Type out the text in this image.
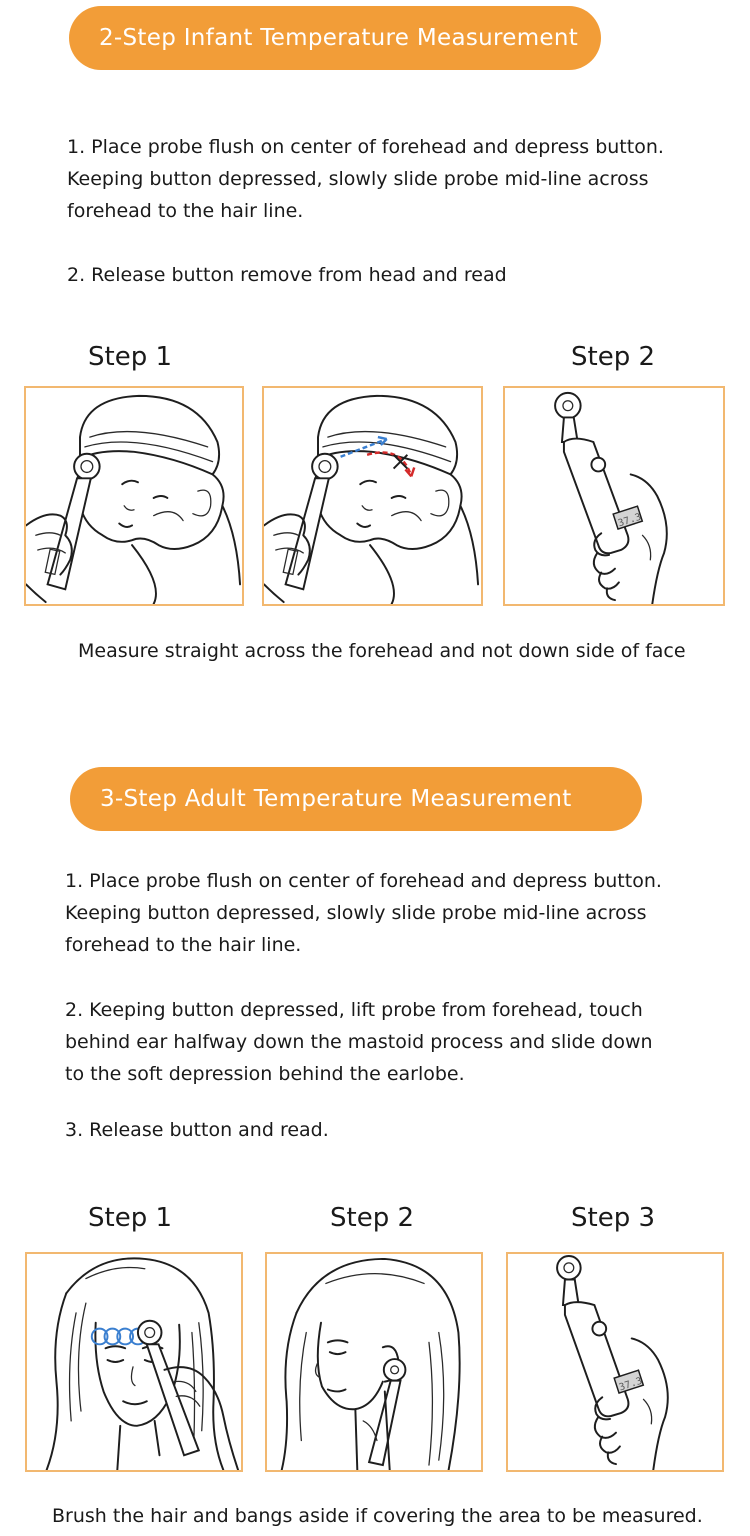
2-Step Infant Temperature Measurement

1. Place probe flush on center of forehead and depress button.
Keeping button depressed, slowly slide probe mid-line across
forehead to the hair line.

2. Release button remove from head and read

Step 1	Step 2
37.3
Measure straight across the forehead and not down side of face
3-Step Adult Temperature Measurement

1. Place probe flush on center of forehead and depress button.
Keeping button depressed, slowly slide probe mid-line across
forehead to the hair line.

2. Keeping button depressed, lift probe from forehead, touch
behind ear halfway down the mastoid process and slide down
to the soft depression behind the earlobe.

3. Release button and read.

Step 1	Step 2	Step 3
37.3
Brush the hair and bangs aside if covering the area to be measured.
